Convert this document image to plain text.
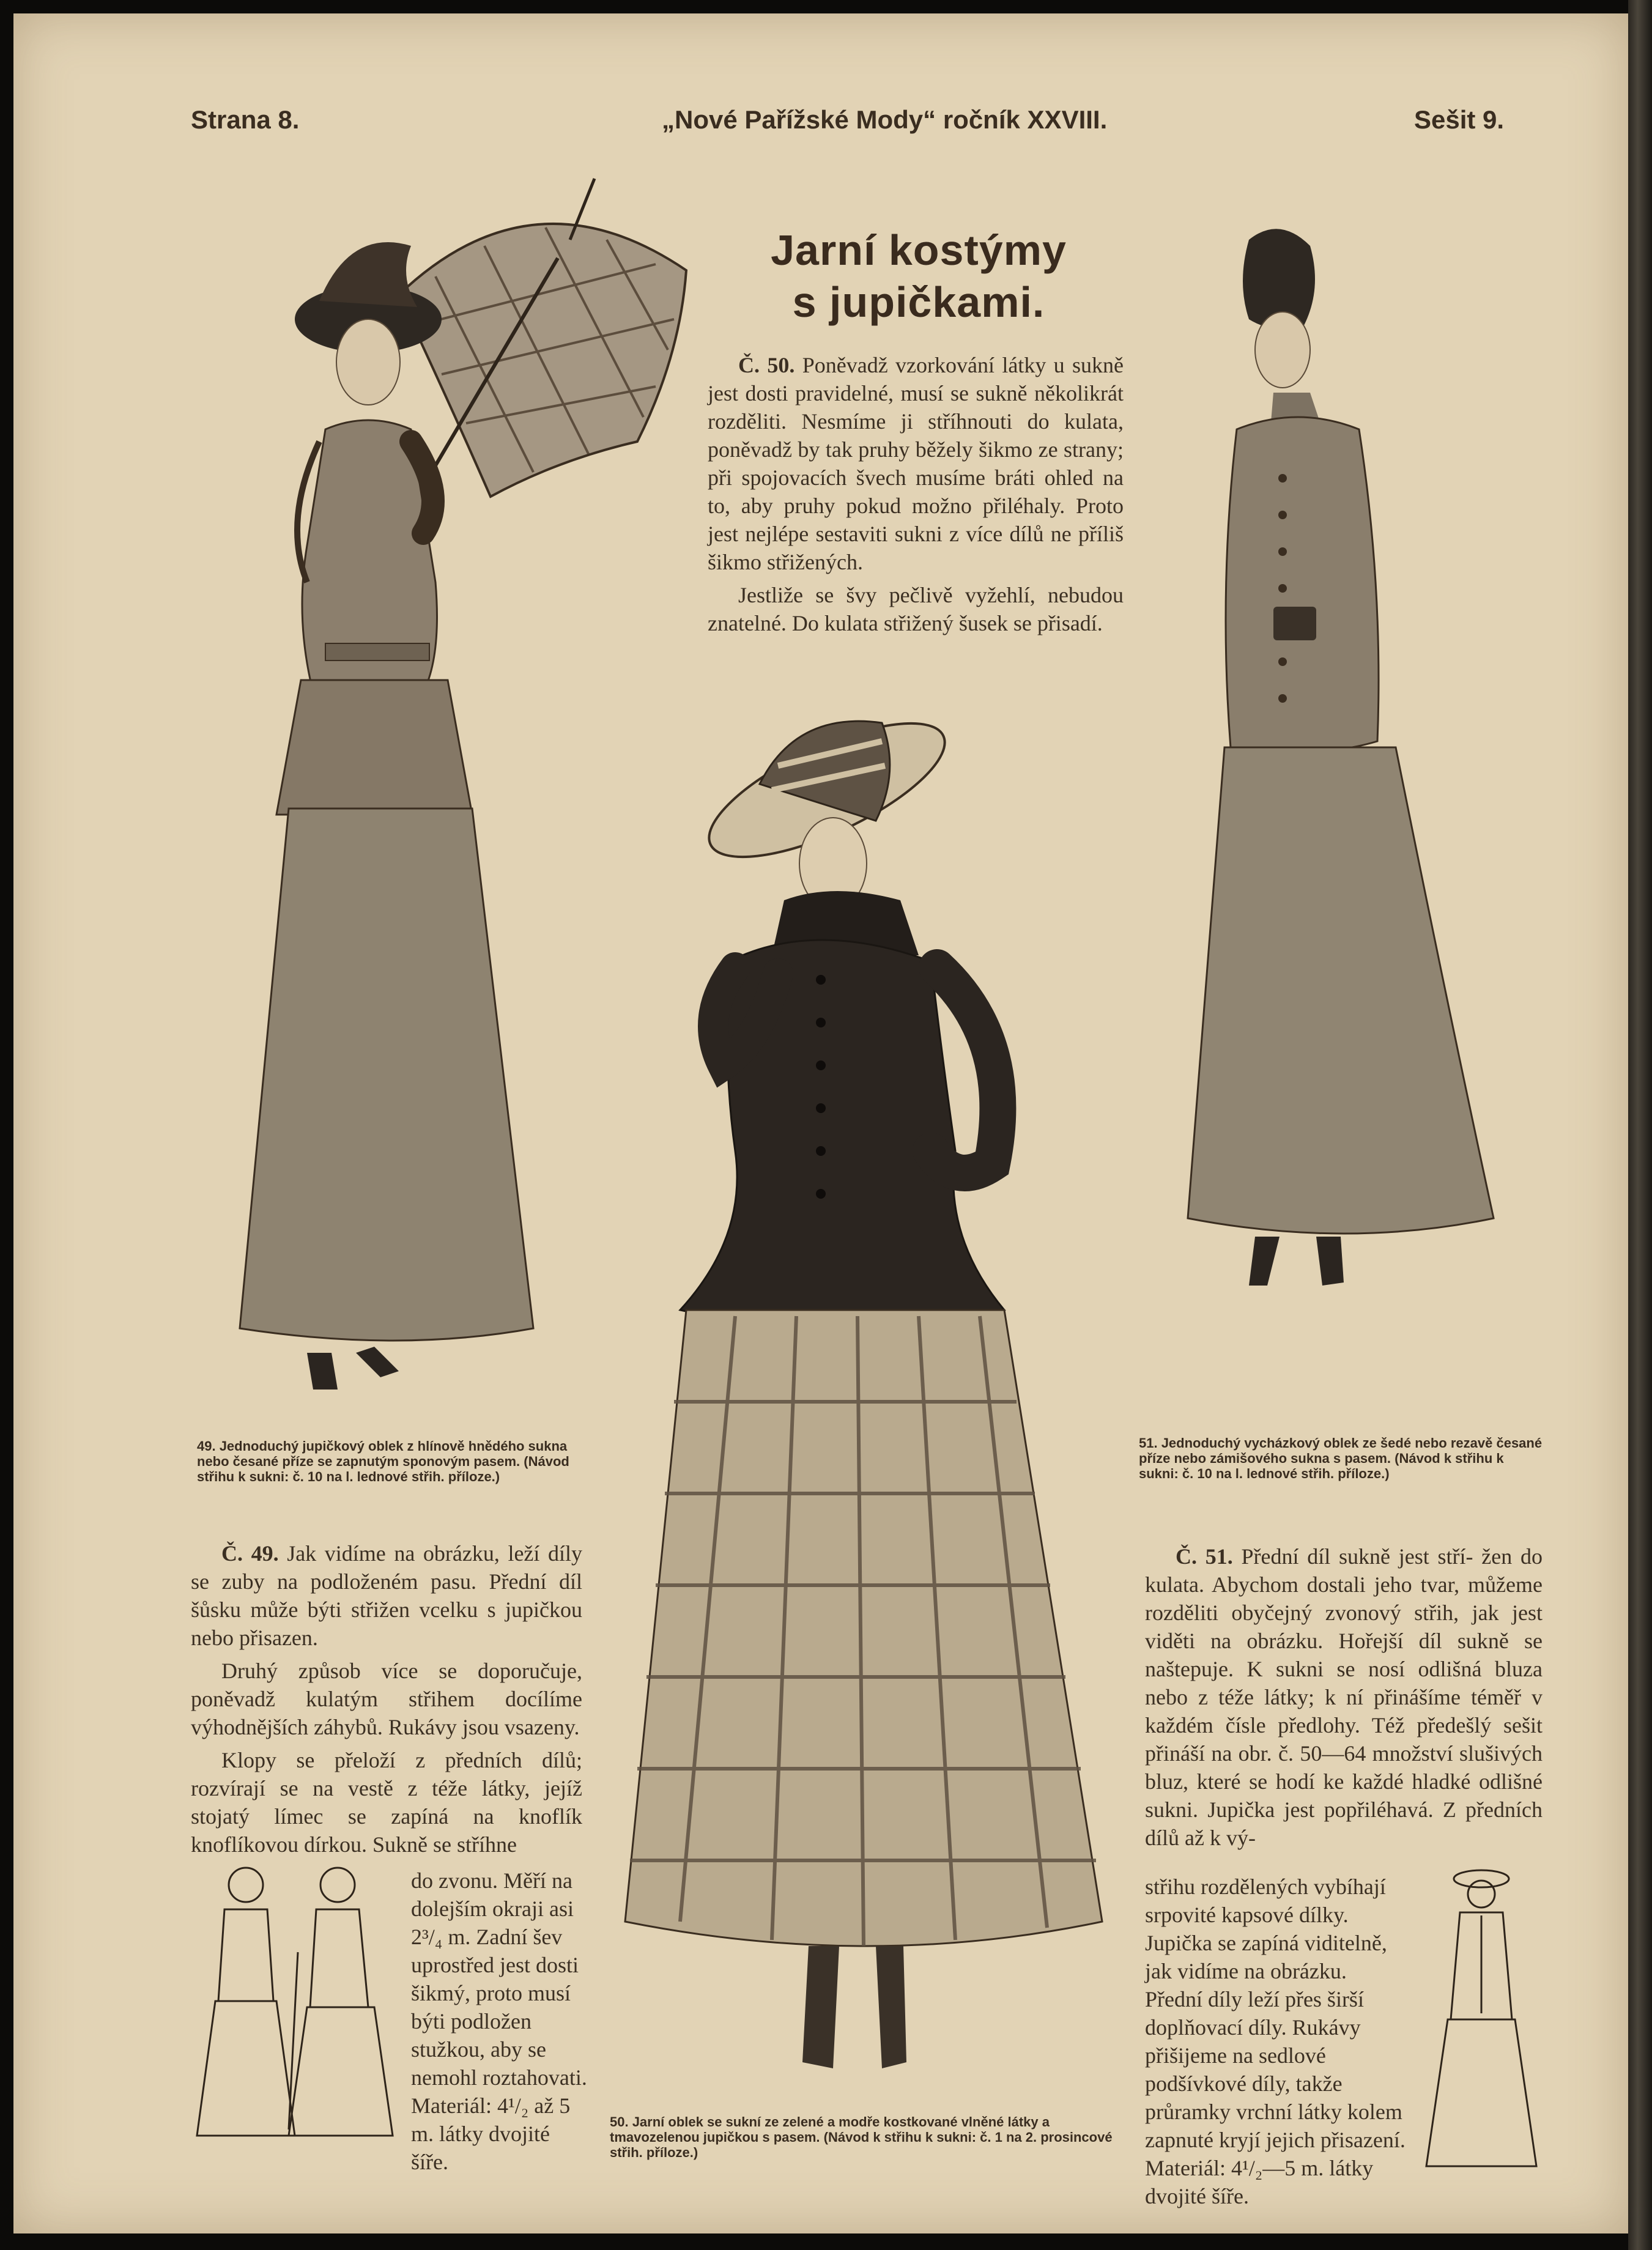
Strana 8.	„Nové Pařížské Mody“ ročník XXVIII.	Sešit 9.
Jarní kostýmy
s jupičkami.

Č. 50. Poněvadž vzorkování látky u sukně jest dosti pravidelné, musí se sukně několikrát rozděliti. Nesmíme ji stříhnouti do kulata, poněvadž by tak pruhy běžely šikmo ze strany; při spojovacích švech musíme bráti ohled na to, aby pruhy pokud možno přiléhaly. Proto jest nejlépe sestaviti sukni z více dílů ne příliš šikmo střižených.

Jestliže se švy pečlivě vyžehlí, nebudou znatelné. Do kulata střižený šusek se přisadí.

49. Jednoduchý jupičkový oblek z hlínově hnědého sukna nebo česané příze se zapnutým sponovým pasem. (Návod střihu k sukni: č. 10 na l. lednové střih. příloze.)
51. Jednoduchý vycházkový oblek ze šedé nebo rezavě česané příze nebo zámišového sukna s pasem. (Návod k střihu k sukni: č. 10 na l. lednové střih. příloze.)
50. Jarní oblek se sukní ze zelené a modře kostkované vlněné látky a tmavozelenou jupičkou s pasem. (Návod k střihu k sukni: č. 1 na 2. prosincové střih. příloze.)

Č. 49. Jak vidíme na obrázku, leží díly se zuby na podloženém pasu. Přední díl šůsku může býti střižen vcelku s jupičkou nebo přisazen.

Druhý způsob více se doporučuje, poněvadž kulatým střihem docílíme výhodnějších záhybů. Rukávy jsou vsazeny.

Klopy se přeloží z předních dílů; rozvírají se na vestě z téže látky, jejíž stojatý límec se zapíná na knoflík knoflíkovou dírkou. Sukně se stříhne

do zvonu. Měří na dolejším okraji asi 2³/₄ m. Zadní šev uprostřed jest dosti šikmý, proto musí býti podložen stužkou, aby se nemohl roztahovati. Materiál: 4¹/₂ až 5 m. látky dvojité šíře.

Č. 51. Přední díl sukně jest stří- žen do kulata. Abychom dostali jeho tvar, můžeme rozděliti obyčejný zvonový střih, jak jest viděti na obrázku. Hořejší díl sukně se naštepuje. K sukni se nosí odlišná bluza nebo z téže látky; k ní přinášíme téměř v každém čísle předlohy. Též předešlý sešit přináší na obr. č. 50—64 množství slušivých bluz, které se hodí ke každé hladké odlišné sukni. Jupička jest popřiléhavá. Z předních dílů až k vý-

střihu rozdělených vybíhají srpovité kapsové dílky. Jupička se zapíná viditelně, jak vidíme na obrázku. Přední díly leží přes širší doplňovací díly. Rukávy přišijeme na sedlové podšívkové díly, takže průramky vrchní látky kolem zapnuté kryjí jejich přisazení. Materiál: 4¹/₂—5 m. látky dvojité šíře.
